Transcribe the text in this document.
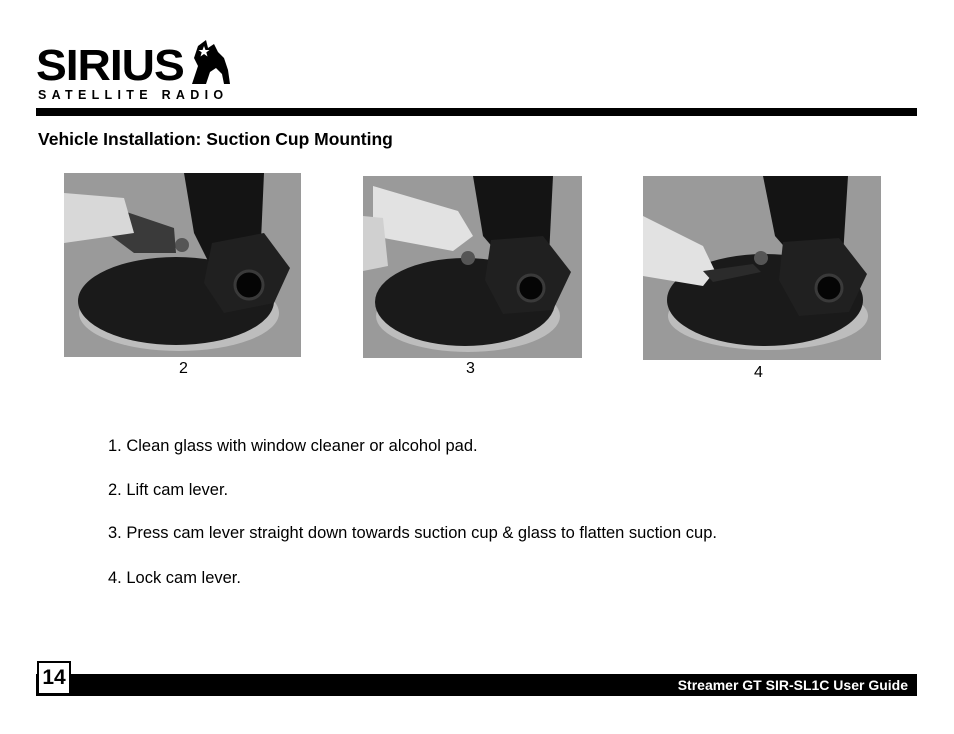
SIRIUS
SATELLITE RADIO
Vehicle Installation: Suction Cup Mounting
2	3	4
1. Clean glass with window cleaner or alcohol pad.
2. Lift cam lever.
3. Press cam lever straight down towards suction cup & glass to flatten suction cup.
4. Lock cam lever.
14	Streamer GT SIR-SL1C User Guide
